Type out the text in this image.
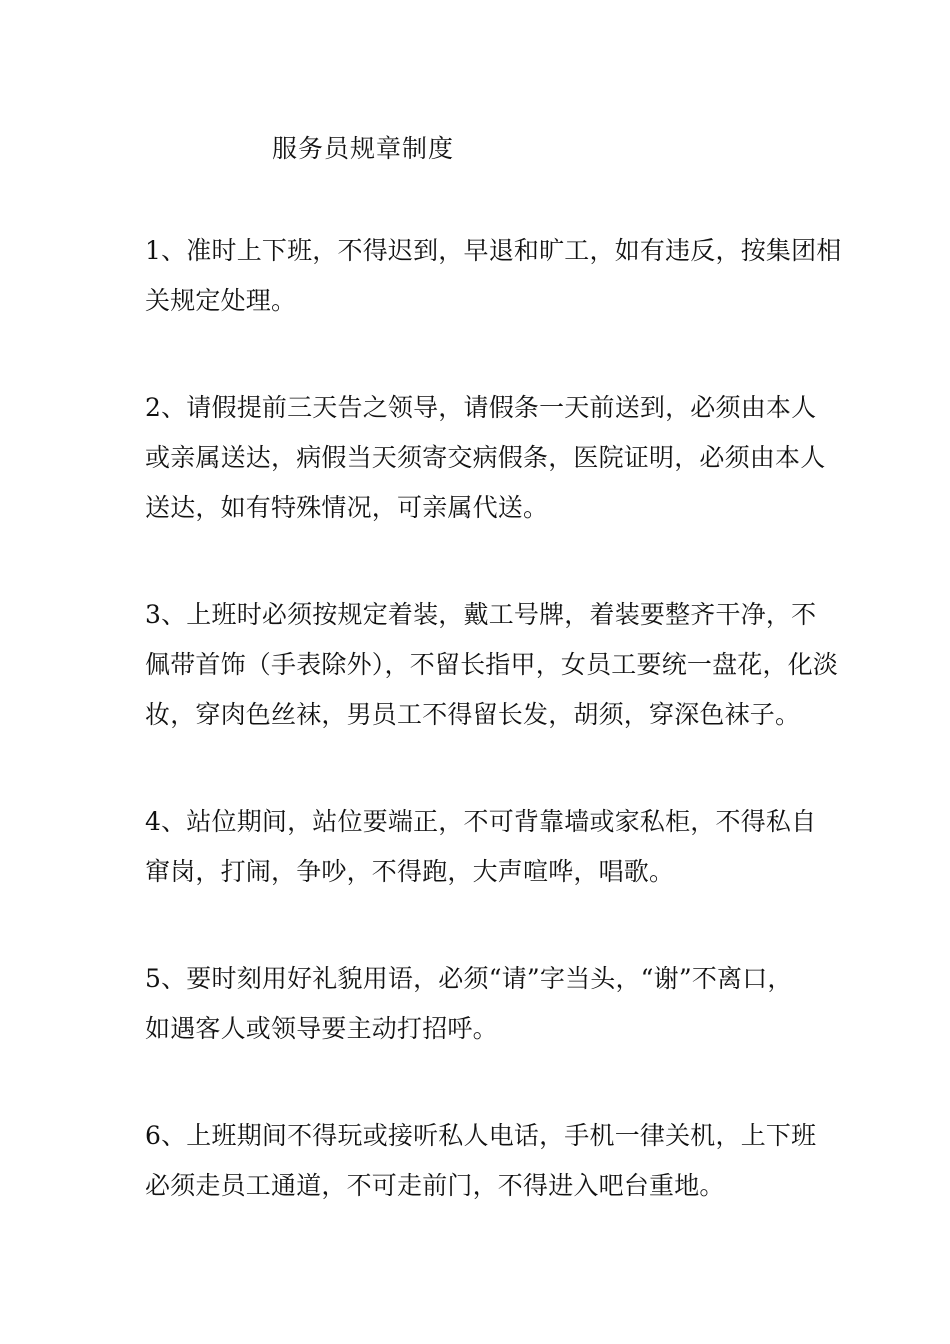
服务员规章制度
1、准时上下班，不得迟到，早退和旷工，如有违反，按集团相
关规定处理。
2、请假提前三天告之领导，请假条一天前送到，必须由本人
或亲属送达，病假当天须寄交病假条，医院证明，必须由本人
送达，如有特殊情况，可亲属代送。
3、上班时必须按规定着装，戴工号牌，着装要整齐干净，不
佩带首饰（手表除外），不留长指甲，女员工要统一盘花，化淡
妆，穿肉色丝袜，男员工不得留长发，胡须，穿深色袜子。
4、站位期间，站位要端正，不可背靠墙或家私柜，不得私自
窜岗，打闹，争吵，不得跑，大声喧哗，唱歌。
5、要时刻用好礼貌用语，必须“请”字当头，“谢”不离口，
如遇客人或领导要主动打招呼。
6、上班期间不得玩或接听私人电话，手机一律关机，上下班
必须走员工通道，不可走前门，不得进入吧台重地。
